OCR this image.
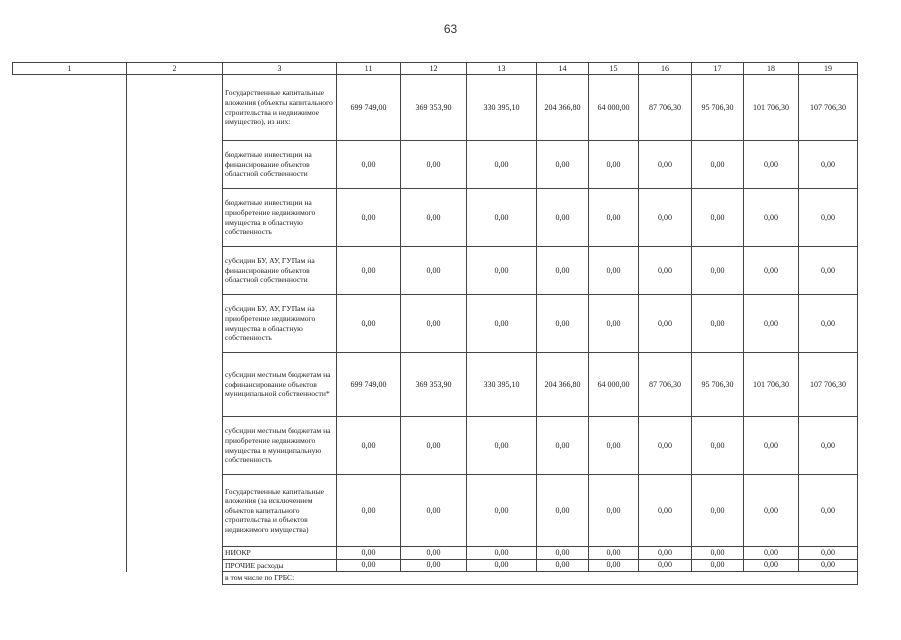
63
1	2	3	11	12	13	14	15	16	17	18	19
		Государственные капитальные вложения (объекты капитального строительства и недвижимое имущество), из них:	699 749,00	369 353,90	330 395,10	204 366,80	64 000,00	87 706,30	95 706,30	101 706,30	107 706,30
		бюджетные инвестиции на финансирование объектов областной собственности	0,00	0,00	0,00	0,00	0,00	0,00	0,00	0,00	0,00
		бюджетные инвестиции на приобретение недвижимого имущества в областную собственность	0,00	0,00	0,00	0,00	0,00	0,00	0,00	0,00	0,00
		субсидии БУ, АУ, ГУПам на финансирование объектов областной собственности	0,00	0,00	0,00	0,00	0,00	0,00	0,00	0,00	0,00
		субсидии БУ, АУ, ГУПам на приобретение недвижимого имущества в областную собственность	0,00	0,00	0,00	0,00	0,00	0,00	0,00	0,00	0,00
		субсидии местным бюджетам на софинансирование объектов муниципальной собственности*	699 749,00	369 353,90	330 395,10	204 366,80	64 000,00	87 706,30	95 706,30	101 706,30	107 706,30
		субсидии местным бюджетам на приобретение недвижимого имущества в муниципальную собственность	0,00	0,00	0,00	0,00	0,00	0,00	0,00	0,00	0,00
		Государственные капитальные вложения (за исключением объектов капитального строительства и объектов недвижимого имущества)	0,00	0,00	0,00	0,00	0,00	0,00	0,00	0,00	0,00
		НИОКР	0,00	0,00	0,00	0,00	0,00	0,00	0,00	0,00	0,00
		ПРОЧИЕ расходы	0,00	0,00	0,00	0,00	0,00	0,00	0,00	0,00	0,00
		в том числе по ГРБС:									
